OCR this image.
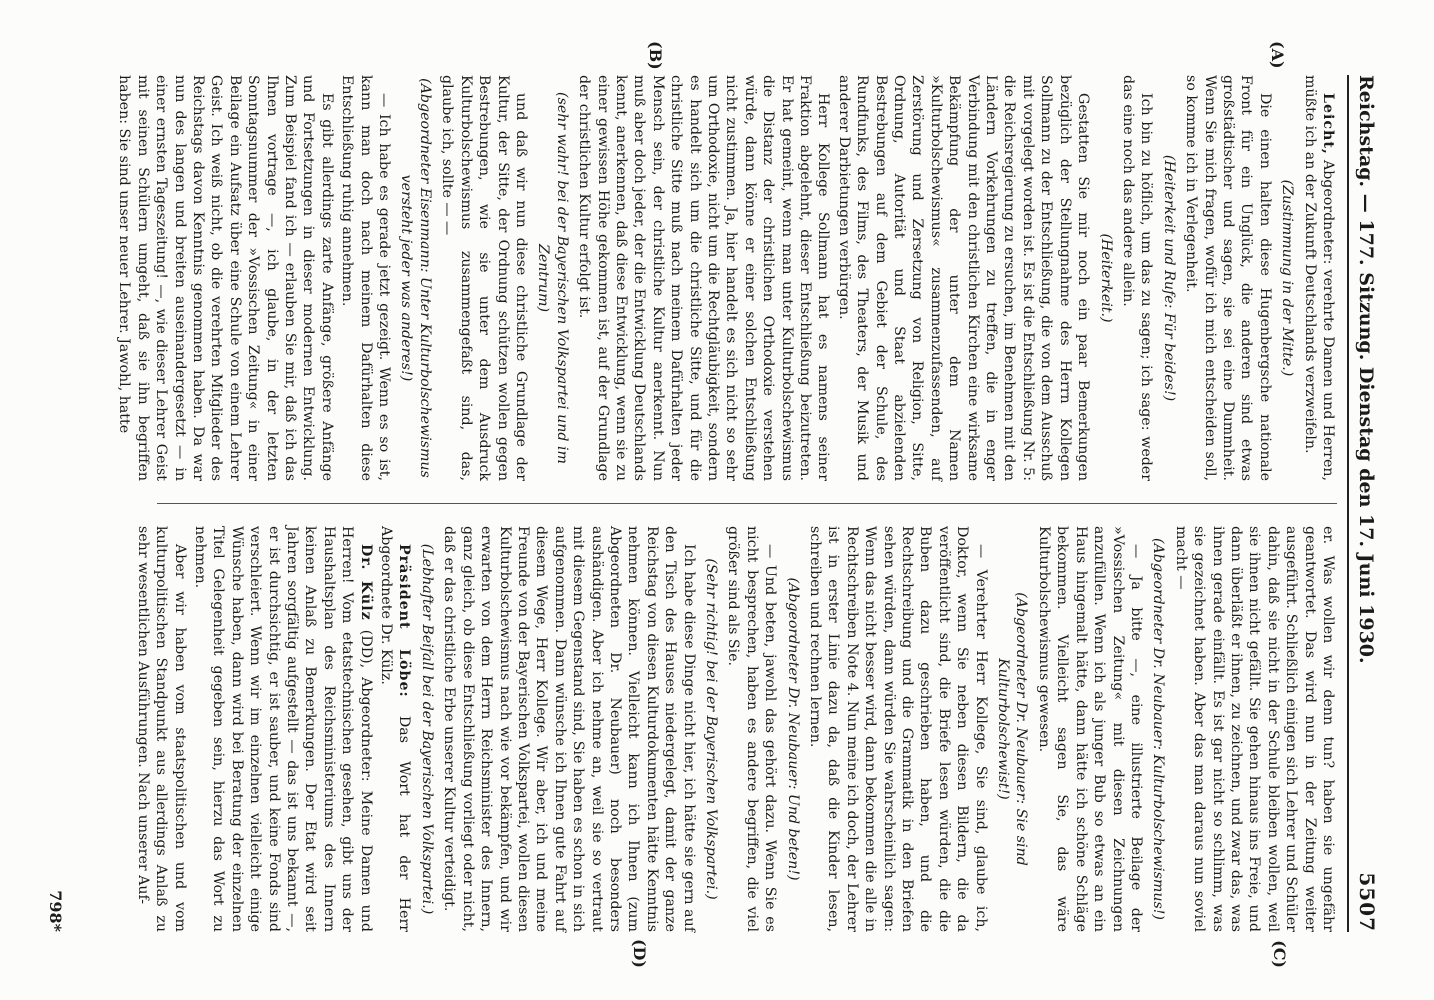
Reichstag. — 177. Sitzung. Dienstag den 17. Juni 1930.
5507
(A)
(B)
(C)
(D)

Leicht, Abgeordneter: verehrte Damen und Herren, müßte ich an der Zukunft Deutschlands verzweifeln.

(Zustimmung in der Mitte.)

Die einen halten diese Hugenbergsche nationale Front für ein Unglück, die anderen sind etwas großstädtischer und sagen, sie sei eine Dummheit. Wenn Sie mich fragen, wofür ich mich entscheiden soll, so komme ich in Verlegenheit.

(Heiterkeit und Rufe: Für beides!)

Ich bin zu höflich, um das zu sagen; ich sage: weder das eine noch das andere allein.

(Heiterkeit.)

Gestatten Sie mir noch ein paar Bemerkungen bezüglich der Stellungnahme des Herrn Kollegen Sollmann zu der Entschließung, die von dem Ausschuß mit vorgelegt worden ist. Es ist die Entschließung Nr. 5: die Reichsregierung zu ersuchen, im Benehmen mit den Ländern Vorkehrungen zu treffen, die in enger Verbindung mit den christlichen Kirchen eine wirksame Bekämpfung der unter dem Namen »Kulturbolschewismus« zusammenzufassenden, auf Zerstörung und Zersetzung von Religion, Sitte, Ordnung, Autorität und Staat abzielenden Bestrebungen auf dem Gebiet der Schule, des Rundfunks, des Films, des Theaters, der Musik und anderer Darbietungen verbürgen.

Herr Kollege Sollmann hat es namens seiner Fraktion abgelehnt, dieser Entschließung beizutreten. Er hat gemeint, wenn man unter Kulturbolschewismus die Distanz der christlichen Orthodoxie verstehen würde, dann könne er einer solchen Entschließung nicht zustimmen. Ja, hier handelt es sich nicht so sehr um Orthodoxie, nicht um die Rechtgläubigkeit, sondern es handelt sich um die christliche Sitte, und für die christliche Sitte muß nach meinem Dafürhalten jeder Mensch sein, der christliche Kultur anerkennt. Nun muß aber doch jeder, der die Entwicklung Deutschlands kennt, anerkennen, daß diese Entwicklung, wenn sie zu einer gewissen Höhe gekommen ist, auf der Grundlage der christlichen Kultur erfolgt ist.

(sehr wahr! bei der Bayerischen Volkspartei und im Zentrum)

und daß wir nun diese christliche Grundlage der Kultur, der Sitte, der Ordnung schützen wollen gegen Bestrebungen, wie sie unter dem Ausdruck Kulturbolschewismus zusammengefaßt sind, das, glaube ich, sollte — —

(Abgeordneter Eisenmann: Unter Kulturbolschewismus versteht jeder was anderes!)

— Ich habe es gerade jetzt gezeigt. Wenn es so ist, kann man doch nach meinem Dafürhalten diese Entschließung ruhig annehmen.

Es gibt allerdings zarte Anfänge, größere Anfänge und Fortsetzungen in dieser modernen Entwicklung. Zum Beispiel fand ich — erlauben Sie mir, daß ich das Ihnen vortrage —, ich glaube, in der letzten Sonntagsnummer der »Vossischen Zeitung« in einer Beilage ein Aufsatz über eine Schule von einem Lehrer Geist. Ich weiß nicht, ob die verehrten Mitglieder des Reichstags davon Kenntnis genommen haben. Da war nun des langen und breiten auseinandergesetzt — in einer ernsten Tageszeitung! —, wie dieser Lehrer Geist mit seinen Schülern umgeht, daß sie ihn begriffen haben: Sie sind unser neuer Lehrer. Jawohl, hatte

er. Was wollen wir denn tun? haben sie ungefähr geantwortet. Das wird nun in der Zeitung weiter ausgeführt. Schließlich einigen sich Lehrer und Schüler dahin, daß sie nicht in der Schule bleiben wollen, weil sie ihnen nicht gefällt. Sie gehen hinaus ins Freie, und dann überläßt er ihnen, zu zeichnen, und zwar das, was ihnen gerade einfällt. Es ist gar nicht so schlimm, was sie gezeichnet haben. Aber das man daraus nun soviel macht —

(Abgeordneter Dr. Neubauer: Kulturbolschewismus!)

— Ja bitte —, eine illustrierte Beilage der »Vossischen Zeitung« mit diesen Zeichnungen anzufüllen. Wenn ich als junger Bub so etwas an ein Haus hingemalt hätte, dann hätte ich schöne Schläge bekommen. Vielleicht sagen Sie, das wäre Kulturbolschewismus gewesen.

(Abgeordneter Dr. Neubauer: Sie sind Kulturbolschewist!)

— Verehrter Herr Kollege, Sie sind, glaube ich, Doktor, wenn Sie neben diesen Bildern, die da veröffentlicht sind, die Briefe lesen würden, die die Buben dazu geschrieben haben, und die Rechtschreibung und die Grammatik in den Briefen sehen würden, dann würden Sie wahrscheinlich sagen: Wenn das nicht besser wird, dann bekommen die alle in Rechtschreiben Note 4. Nun meine ich doch, der Lehrer ist in erster Linie dazu da, daß die Kinder lesen, schreiben und rechnen lernen.

(Abgeordneter Dr. Neubauer: Und beten!)

— Und beten, jawohl das gehört dazu. Wenn Sie es nicht besprechen, haben es andere begriffen, die viel größer sind als Sie.

(Sehr richtig! bei der Bayerischen Volkspartei.)

Ich habe diese Dinge nicht hier, ich hätte sie gern auf den Tisch des Hauses niedergelegt, damit der ganze Reichstag von diesen Kulturdokumenten hätte Kenntnis nehmen können. Vielleicht kann ich Ihnen (zum Abgeordneten Dr. Neubauer) noch besonders aushändigen. Aber ich nehme an, weil sie so vertraut mit diesem Gegenstand sind, Sie haben es schon in sich aufgenommen. Dann wünsche ich Ihnen gute Fahrt auf diesem Wege, Herr Kollege. Wir aber, ich und meine Freunde von der Bayerischen Volkspartei, wollen diesen Kulturbolschewismus nach wie vor bekämpfen, und wir erwarten von dem Herrn Reichsminister des Innern, ganz gleich, ob diese Entschließung vorliegt oder nicht, daß er das christliche Erbe unserer Kultur verteidigt.

(Lebhafter Beifall bei der Bayerischen Volkspartei.)

Präsident Löbe: Das Wort hat der Herr Abgeordnete Dr. Külz.

Dr. Külz (DD), Abgeordneter: Meine Damen und Herren! Vom etatstechnischen gesehen, gibt uns der Haushaltsplan des Reichsministeriums des Innern keinen Anlaß zu Bemerkungen. Der Etat wird seit Jahren sorgfältig aufgestellt — das ist uns bekannt —, er ist durchsichtig, er ist sauber, und keine Fonds sind verschleiert. Wenn wir im einzelnen vielleicht einige Wünsche haben, dann wird bei Beratung der einzelnen Titel Gelegenheit gegeben sein, hierzu das Wort zu nehmen.

Aber wir haben vom staatspolitischen und vom kulturpolitischen Standpunkt aus allerdings Anlaß zu sehr wesentlichen Ausführungen. Nach unserer Auf-

798*
